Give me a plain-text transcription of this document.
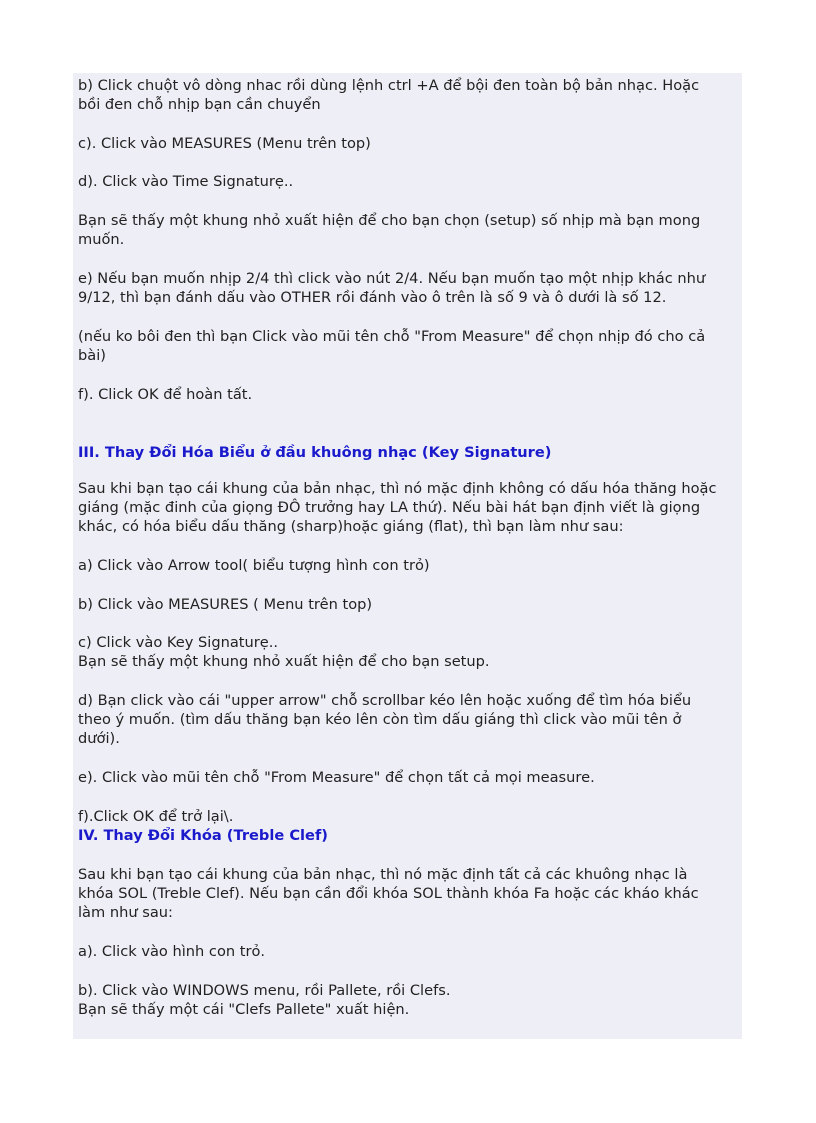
b) Click chuột vô dòng nhac rồi dùng lệnh ctrl +A để bội đen toàn bộ bản nhạc. Hoặc
bồi đen chỗ nhịp bạn cần chuyển
c). Click vào MEASURES (Menu trên top)
d). Click vào Time Signaturẹ..
Bạn sẽ thấy một khung nhỏ xuất hiện để cho bạn chọn (setup) số nhịp mà bạn mong
muốn.
e) Nếu bạn muốn nhịp 2/4 thì click vào nút 2/4. Nếu bạn muốn tạo một nhịp khác như
9/12, thì bạn đánh dấu vào OTHER rồi đánh vào ô trên là số 9 và ô dưới là số 12.
(nếu ko bôi đen thì bạn Click vào mũi tên chỗ "From Measure" để chọn nhịp đó cho cả
bài)
f). Click OK để hoàn tất.
III. Thay Đổi Hóa Biểu ở đầu khuông nhạc (Key Signature)
Sau khi bạn tạo cái khung của bản nhạc, thì nó mặc định không có dấu hóa thăng hoặc
giáng (mặc đinh của giọng ĐÔ trưởng hay LA thứ). Nếu bài hát bạn định viết là giọng
khác, có hóa biểu dấu thăng (sharp)hoặc giáng (flat), thì bạn làm như sau:
a) Click vào Arrow tool( biểu tượng hình con trỏ)
b) Click vào MEASURES ( Menu trên top)
c) Click vào Key Signaturẹ..
Bạn sẽ thấy một khung nhỏ xuất hiện để cho bạn setup.
d) Bạn click vào cái "upper arrow" chỗ scrollbar kéo lên hoặc xuống để tìm hóa biểu
theo ý muốn. (tìm dấu thăng bạn kéo lên còn tìm dấu giáng thì click vào mũi tên ở
dưới).
e). Click vào mũi tên chỗ "From Measure" để chọn tất cả mọi measure.
f).Click OK để trở lại\.
IV. Thay Đổi Khóa (Treble Clef)
Sau khi bạn tạo cái khung của bản nhạc, thì nó mặc định tất cả các khuông nhạc là
khóa SOL (Treble Clef). Nếu bạn cần đổi khóa SOL thành khóa Fa hoặc các kháo khác
làm như sau:
a). Click vào hình con trỏ.
b). Click vào WINDOWS menu, rồi Pallete, rồi Clefs.
Bạn sẽ thấy một cái "Clefs Pallete" xuất hiện.
